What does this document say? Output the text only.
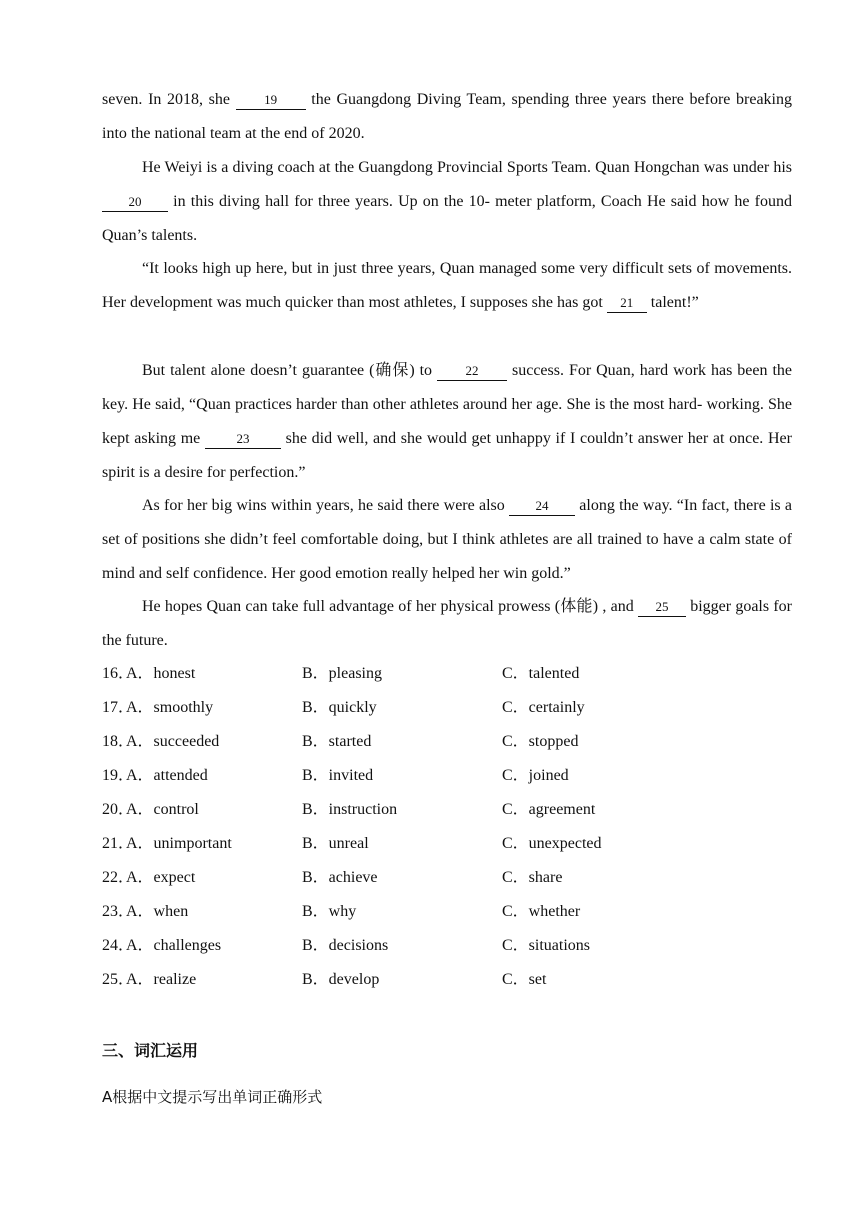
seven. In 2018, she 19 the Guangdong Diving Team, spending three years there before breaking into the national team at the end of 2020.

He Weiyi is a diving coach at the Guangdong Provincial Sports Team. Quan Hongchan was under his 20 in this diving hall for three years. Up on the 10- meter platform, Coach He said how he found Quan’s talents.

“It looks high up here, but in just three years, Quan managed some very difficult sets of movements. Her development was much quicker than most athletes, I supposes she has got 21 talent!”

But talent alone doesn’t guarantee (确保) to 22 success. For Quan, hard work has been the key. He said, “Quan practices harder than other athletes around her age. She is the most hard- working. She kept asking me 23 she did well, and she would get unhappy if I couldn’t answer her at once. Her spirit is a desire for perfection.”

As for her big wins within years, he said there were also 24 along the way. “In fact, there is a set of positions she didn’t feel comfortable doing, but I think athletes are all trained to have a calm state of mind and self confidence. Her good emotion really helped her win gold.”

He hopes Quan can take full advantage of her physical prowess (体能) , and 25 bigger goals for the future.

16．
A．honest	B．pleasing	C．talented
17．
A．smoothly	B．quickly	C．certainly
18．
A．succeeded	B．started	C．stopped
19．
A．attended	B．invited	C．joined
20．
A．control	B．instruction	C．agreement
21．
A．unimportant	B．unreal	C．unexpected
22．
A．expect	B．achieve	C．share
23．
A．when	B．why	C．whether
24．
A．challenges	B．decisions	C．situations
25．
A．realize	B．develop	C．set
三、词汇运用
A根据中文提示写出单词正确形式
